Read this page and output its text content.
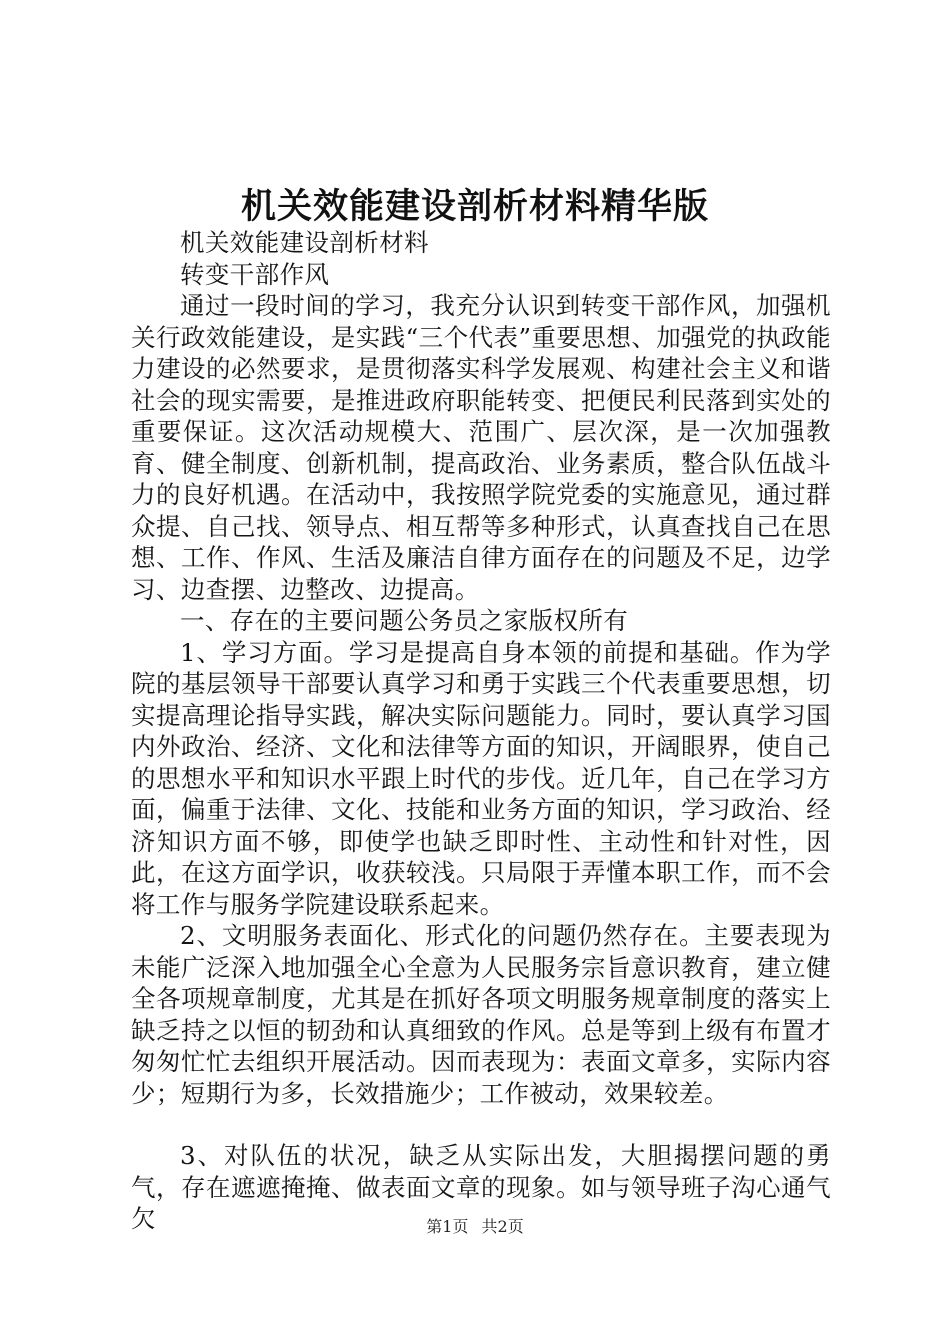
机关效能建设剖析材料精华版

机关效能建设剖析材料

转变干部作风

通过一段时间的学习，我充分认识到转变干部作风，加强机关行政效能建设，是实践“三个代表”重要思想、加强党的执政能力建设的必然要求，是贯彻落实科学发展观、构建社会主义和谐社会的现实需要，是推进政府职能转变、把便民利民落到实处的重要保证。这次活动规模大、范围广、层次深，是一次加强教育、健全制度、创新机制，提高政治、业务素质，整合队伍战斗力的良好机遇。在活动中，我按照学院党委的实施意见，通过群众提、自己找、领导点、相互帮等多种形式，认真查找自己在思想、工作、作风、生活及廉洁自律方面存在的问题及不足，边学习、边查摆、边整改、边提高。

一、存在的主要问题公务员之家版权所有

1、学习方面。学习是提高自身本领的前提和基础。作为学院的基层领导干部要认真学习和勇于实践三个代表重要思想，切实提高理论指导实践，解决实际问题能力。同时，要认真学习国内外政治、经济、文化和法律等方面的知识，开阔眼界，使自己的思想水平和知识水平跟上时代的步伐。近几年，自己在学习方面，偏重于法律、文化、技能和业务方面的知识，学习政治、经济知识方面不够，即使学也缺乏即时性、主动性和针对性，因此，在这方面学识，收获较浅。只局限于弄懂本职工作，而不会将工作与服务学院建设联系起来。

2、文明服务表面化、形式化的问题仍然存在。主要表现为未能广泛深入地加强全心全意为人民服务宗旨意识教育，建立健全各项规章制度，尤其是在抓好各项文明服务规章制度的落实上缺乏持之以恒的韧劲和认真细致的作风。总是等到上级有布置才匆匆忙忙去组织开展活动。因而表现为：表面文章多，实际内容少；短期行为多，长效措施少；工作被动，效果较差。

3、对队伍的状况，缺乏从实际出发，大胆揭摆问题的勇气，存在遮遮掩掩、做表面文章的现象。如与领导班子沟心通气欠	第1页 共2页
